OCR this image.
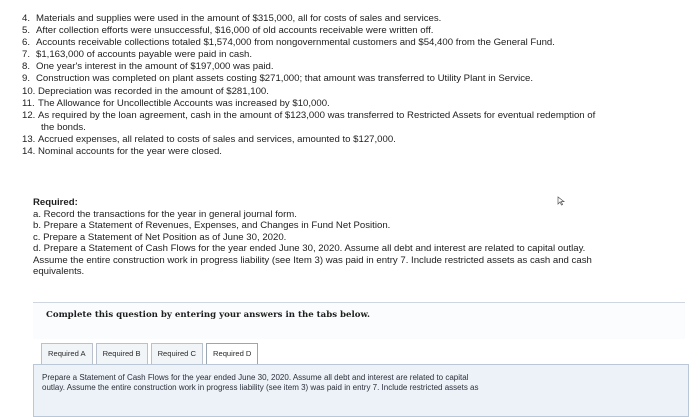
4. Materials and supplies were used in the amount of $315,000, all for costs of sales and services.
5. After collection efforts were unsuccessful, $16,000 of old accounts receivable were written off.
6. Accounts receivable collections totaled $1,574,000 from nongovernmental customers and $54,400 from the General Fund.
7. $1,163,000 of accounts payable were paid in cash.
8. One year's interest in the amount of $197,000 was paid.
9. Construction was completed on plant assets costing $271,000; that amount was transferred to Utility Plant in Service.
10. Depreciation was recorded in the amount of $281,100.
11. The Allowance for Uncollectible Accounts was increased by $10,000.
12. As required by the loan agreement, cash in the amount of $123,000 was transferred to Restricted Assets for eventual redemption of
the bonds.
13. Accrued expenses, all related to costs of sales and services, amounted to $127,000.
14. Nominal accounts for the year were closed.
Required:
a. Record the transactions for the year in general journal form.
b. Prepare a Statement of Revenues, Expenses, and Changes in Fund Net Position.
c. Prepare a Statement of Net Position as of June 30, 2020.
d. Prepare a Statement of Cash Flows for the year ended June 30, 2020. Assume all debt and interest are related to capital outlay.
Assume the entire construction work in progress liability (see Item 3) was paid in entry 7. Include restricted assets as cash and cash
equivalents.
Complete this question by entering your answers in the tabs below.
Required A	Required B	Required C	Required D
Prepare a Statement of Cash Flows for the year ended June 30, 2020. Assume all debt and interest are related to capital
outlay. Assume the entire construction work in progress liability (see item 3) was paid in entry 7. Include restricted assets as
